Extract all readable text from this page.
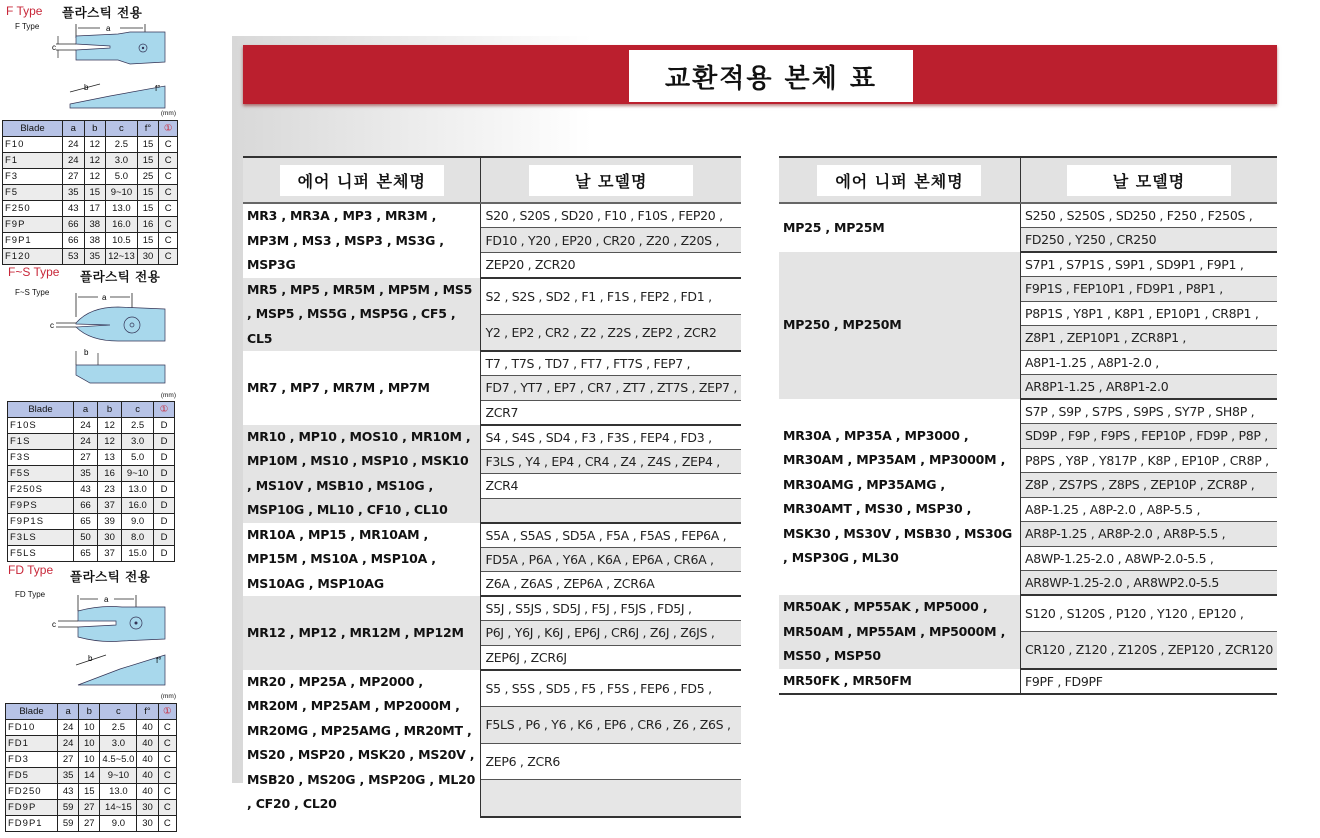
F Type 플라스틱 전용
F Type	a
c
b	f°
(mm)
Blade	a	b	c	f°	①
F10	24	12	2.5	15	C
F1	24	12	3.0	15	C
F3	27	12	5.0	25	C
F5	35	15	9~10	15	C
F250	43	17	13.0	15	C
F9P	66	38	16.0	16	C
F9P1	66	38	10.5	15	C
F120	53	35	12~13	30	C
F~S Type 플라스틱 전용
F~S Type
a
c
b
(mm)
Blade	a	b	c	①
F10S	24	12	2.5	D
F1S	24	12	3.0	D
F3S	27	13	5.0	D
F5S	35	16	9~10	D
F250S	43	23	13.0	D
F9PS	66	37	16.0	D
F9P1S	65	39	9.0	D
F3LS	50	30	8.0	D
F5LS	65	37	15.0	D
FD Type 플라스틱 전용
FD Type
a
c
b	f°
(mm)
Blade	a	b	c	f°	①
FD10	24	10	2.5	40	C
FD1	24	10	3.0	40	C
FD3	27	10	4.5~5.0	40	C
FD5	35	14	9~10	40	C
FD250	43	15	13.0	40	C
FD9P	59	27	14~15	30	C
FD9P1	59	27	9.0	30	C
교환적용 본체 표
에어 니퍼 본체명	날 모델명
MR3 , MR3A , MP3 , MR3M , MP3M , MS3 , MSP3 , MS3G , MSP3G	S20 , S20S , SD20 , F10 , F10S , FEP20 ,
	FD10 , Y20 , EP20 , CR20 , Z20 , Z20S ,
	ZEP20 , ZCR20
MR5 , MP5 , MR5M , MP5M , MS5 , MSP5 , MS5G , MSP5G , CF5 , CL5	S2 , S2S , SD2 , F1 , F1S , FEP2 , FD1 ,
	Y2 , EP2 , CR2 , Z2 , Z2S , ZEP2 , ZCR2
MR7 , MP7 , MR7M , MP7M	T7 , T7S , TD7 , FT7 , FT7S , FEP7 ,
	FD7 , YT7 , EP7 , CR7 , ZT7 , ZT7S , ZEP7 ,
	ZCR7
MR10 , MP10 , MOS10 , MR10M , MP10M , MS10 , MSP10 , MSK10 , MS10V , MSB10 , MS10G , MSP10G , ML10 , CF10 , CL10	S4 , S4S , SD4 , F3 , F3S , FEP4 , FD3 ,
	F3LS , Y4 , EP4 , CR4 , Z4 , Z4S , ZEP4 ,
	ZCR4

MR10A , MP15 , MR10AM , MP15M , MS10A , MSP10A , MS10AG , MSP10AG	S5A , S5AS , SD5A , F5A , F5AS , FEP6A ,
	FD5A , P6A , Y6A , K6A , EP6A , CR6A ,
	Z6A , Z6AS , ZEP6A , ZCR6A
MR12 , MP12 , MR12M , MP12M	S5J , S5JS , SD5J , F5J , F5JS , FD5J ,
	P6J , Y6J , K6J , EP6J , CR6J , Z6J , Z6JS ,
	ZEP6J , ZCR6J
MR20 , MP25A , MP2000 , MR20M , MP25AM , MP2000M , MR20MG , MP25AMG , MR20MT , MS20 , MSP20 , MSK20 , MS20V , MSB20 , MS20G , MSP20G , ML20 , CF20 , CL20	S5 , S5S , SD5 , F5 , F5S , FEP6 , FD5 ,
	F5LS , P6 , Y6 , K6 , EP6 , CR6 , Z6 , Z6S ,
	ZEP6 , ZCR6

에어 니퍼 본체명	날 모델명
MP25 , MP25M	S250 , S250S , SD250 , F250 , F250S ,
	FD250 , Y250 , CR250
MP250 , MP250M	S7P1 , S7P1S , S9P1 , SD9P1 , F9P1 ,
	F9P1S , FEP10P1 , FD9P1 , P8P1 ,
	P8P1S , Y8P1 , K8P1 , EP10P1 , CR8P1 ,
	Z8P1 , ZEP10P1 , ZCR8P1 ,
	A8P1-1.25 , A8P1-2.0 ,
	AR8P1-1.25 , AR8P1-2.0
MR30A , MP35A , MP3000 , MR30AM , MP35AM , MP3000M , MR30AMG , MP35AMG , MR30AMT , MS30 , MSP30 , MSK30 , MS30V , MSB30 , MS30G , MSP30G , ML30	S7P , S9P , S7PS , S9PS , SY7P , SH8P ,
	SD9P , F9P , F9PS , FEP10P , FD9P , P8P ,
	P8PS , Y8P , Y817P , K8P , EP10P , CR8P ,
	Z8P , ZS7PS , Z8PS , ZEP10P , ZCR8P ,
	A8P-1.25 , A8P-2.0 , A8P-5.5 ,
	AR8P-1.25 , AR8P-2.0 , AR8P-5.5 ,
	A8WP-1.25-2.0 , A8WP-2.0-5.5 ,
	AR8WP-1.25-2.0 , AR8WP2.0-5.5
MR50AK , MP55AK , MP5000 , MR50AM , MP55AM , MP5000M , MS50 , MSP50	S120 , S120S , P120 , Y120 , EP120 ,
	CR120 , Z120 , Z120S , ZEP120 , ZCR120
MR50FK , MR50FM	F9PF , FD9PF
